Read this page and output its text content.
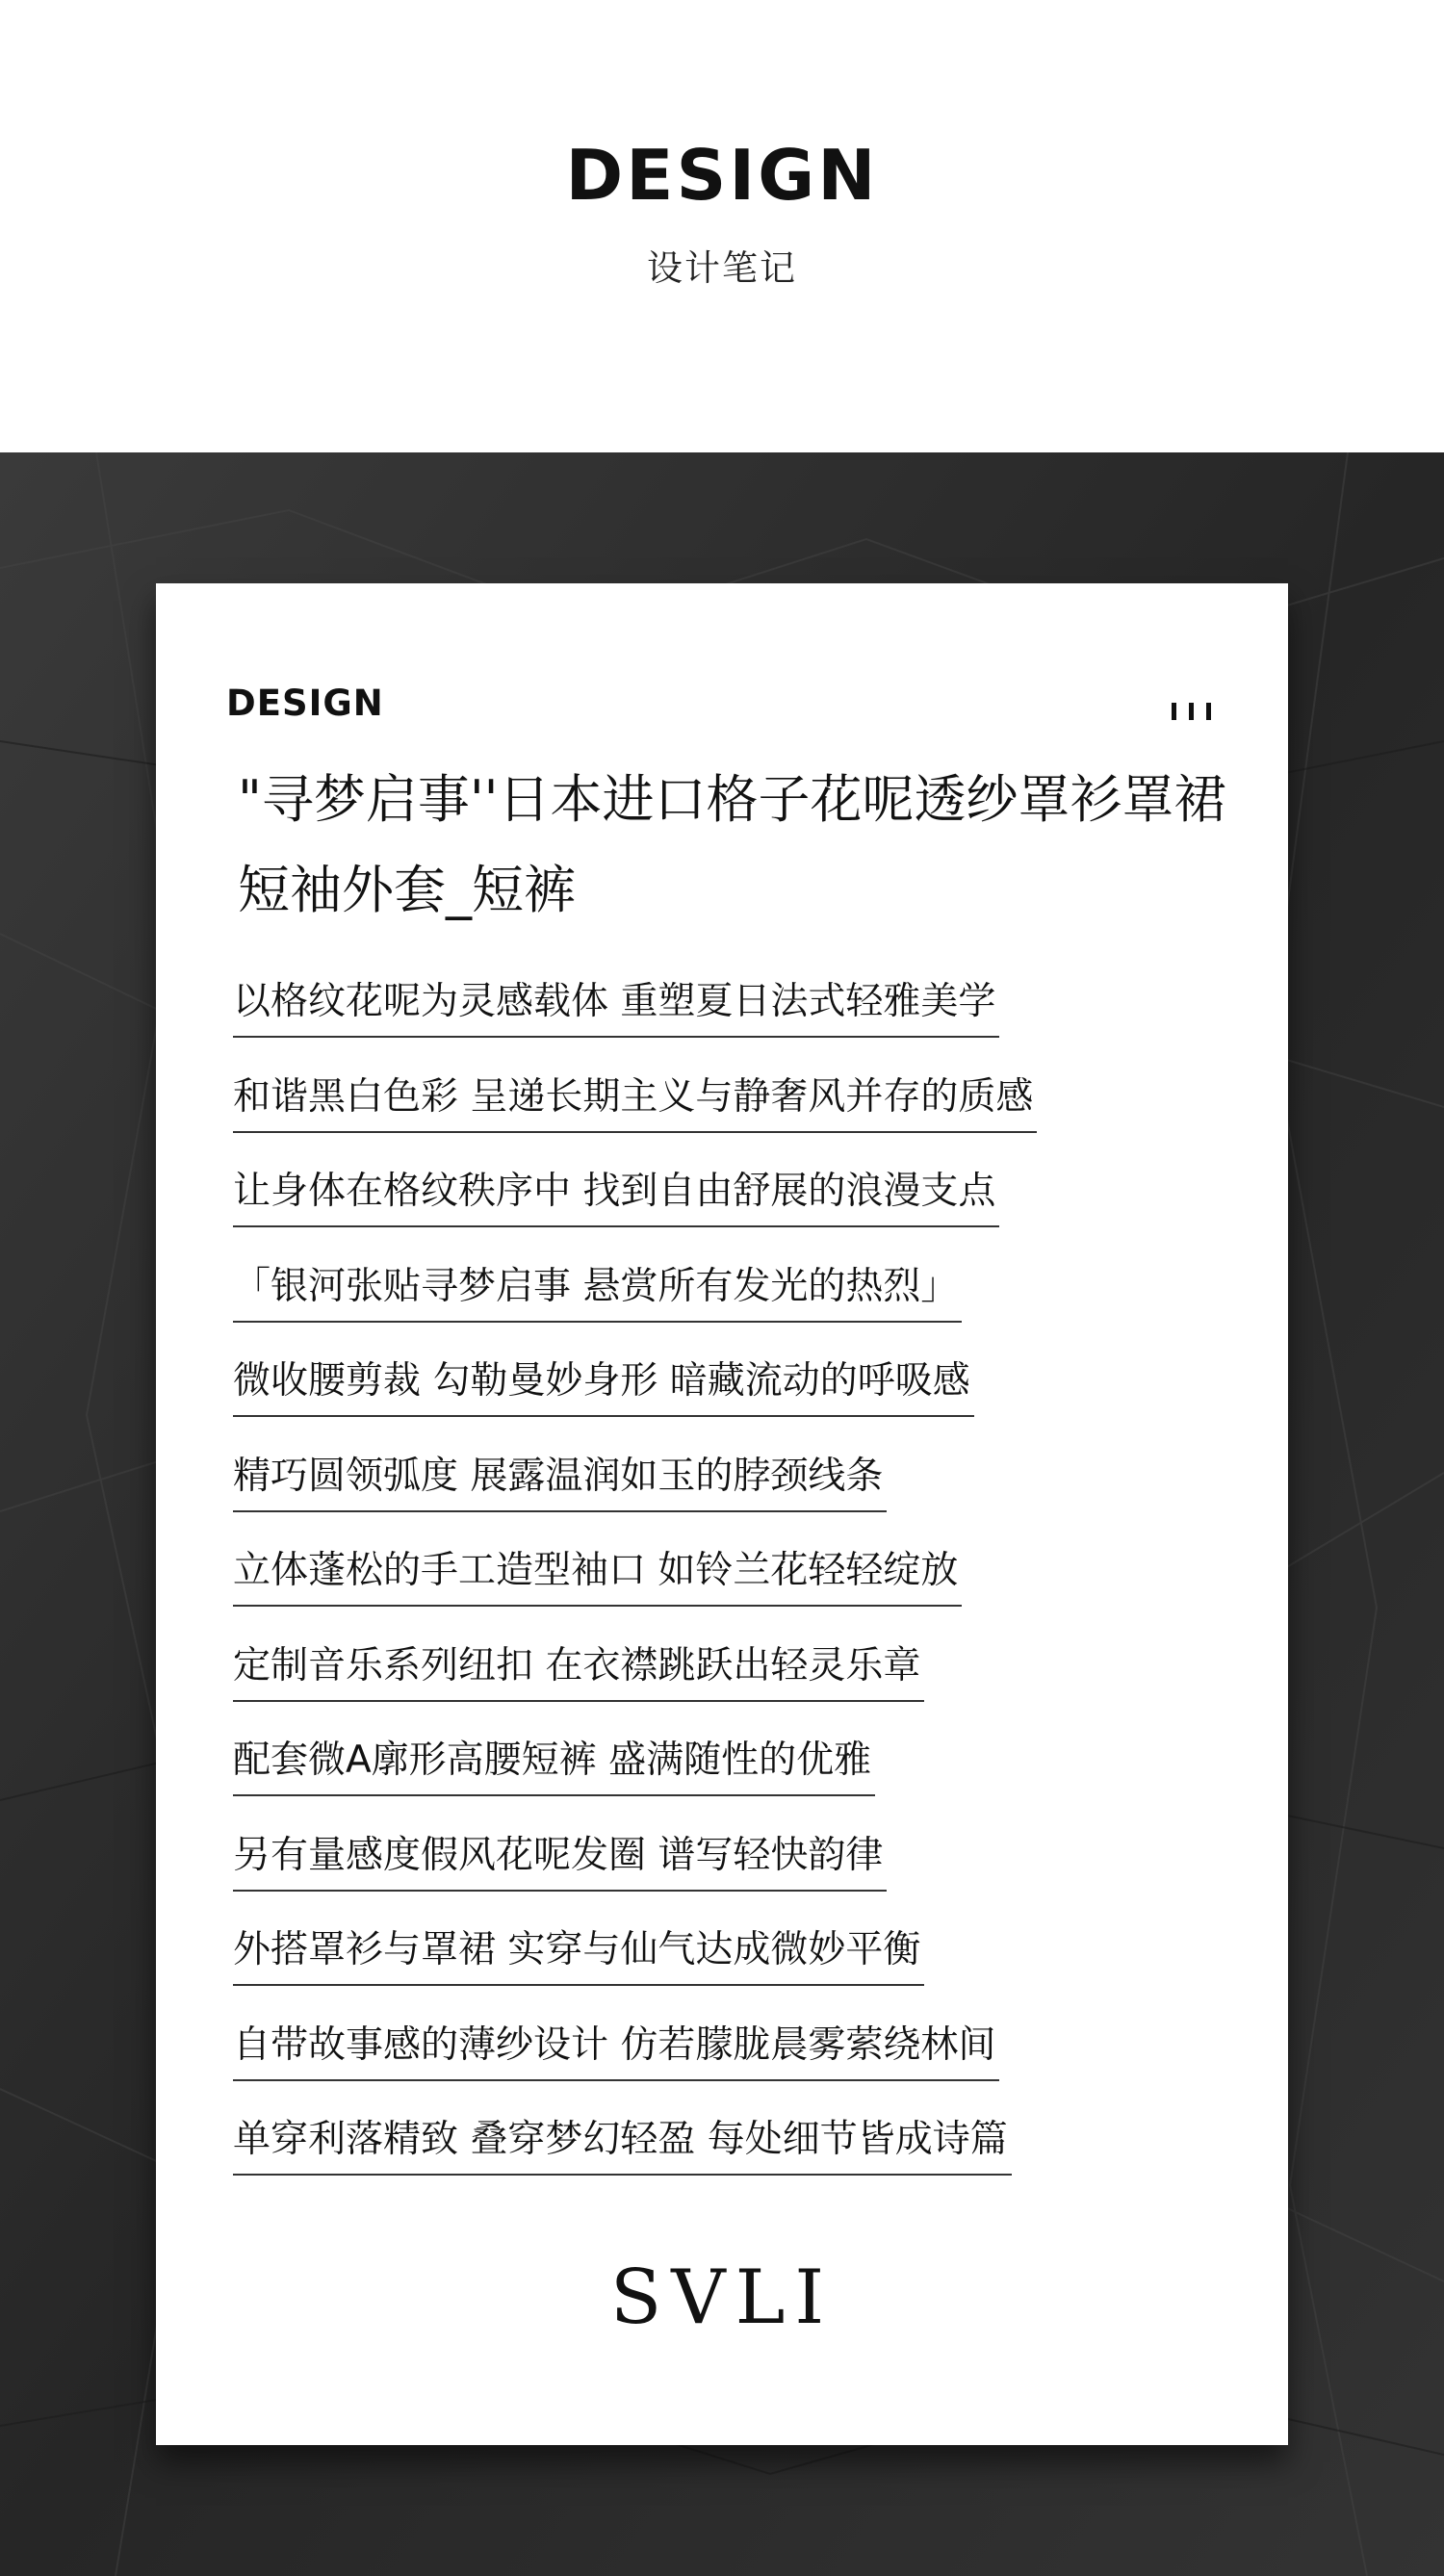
DESIGN
设计笔记
DESIGN
"寻梦启事''日本进口格子花呢透纱罩衫罩裙短袖外套_短裤
以格纹花呢为灵感载体 重塑夏日法式轻雅美学
和谐黑白色彩 呈递长期主义与静奢风并存的质感
让身体在格纹秩序中 找到自由舒展的浪漫支点
「银河张贴寻梦启事 悬赏所有发光的热烈」
微收腰剪裁 勾勒曼妙身形 暗藏流动的呼吸感
精巧圆领弧度 展露温润如玉的脖颈线条
立体蓬松的手工造型袖口 如铃兰花轻轻绽放
定制音乐系列纽扣 在衣襟跳跃出轻灵乐章
配套微A廓形高腰短裤 盛满随性的优雅
另有量感度假风花呢发圈 谱写轻快韵律
外搭罩衫与罩裙 实穿与仙气达成微妙平衡
自带故事感的薄纱设计 仿若朦胧晨雾萦绕林间
单穿利落精致 叠穿梦幻轻盈 每处细节皆成诗篇
SVLI
